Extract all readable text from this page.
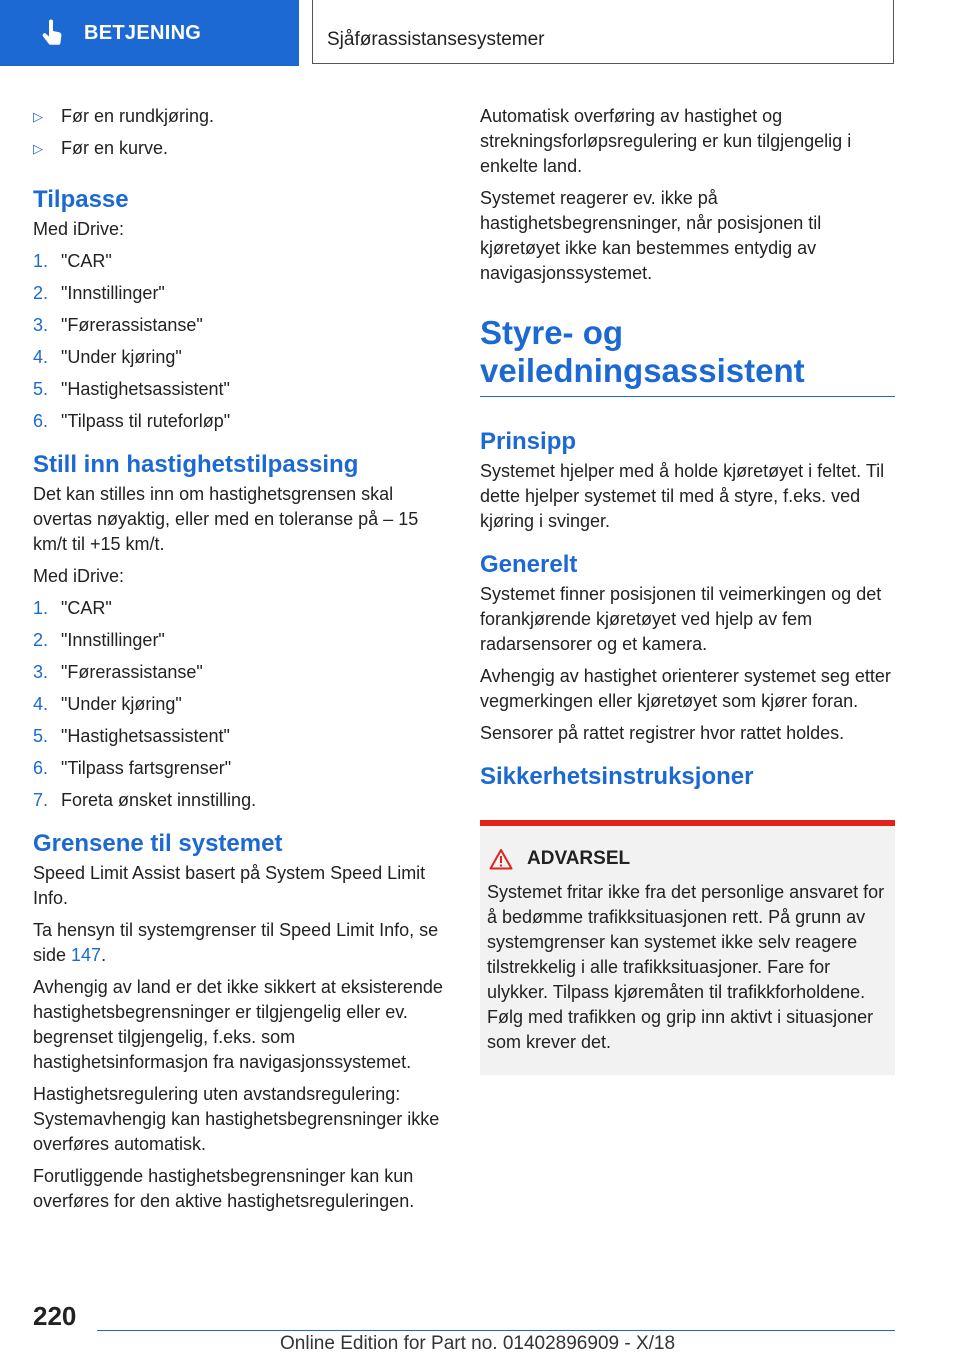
BETJENING	Sjåførassistansesystemer
▷	Før en rundkjøring.
▷	Før en kurve.
Tilpasse

Med iDrive:

1. "CAR"
2. "Innstillinger"
3. "Førerassistanse"
4. "Under kjøring"
5. "Hastighetsassistent"
6. "Tilpass til ruteforløp"
Still inn hastighetstilpassing

Det kan stilles inn om hastighetsgrensen skal overtas nøyaktig, eller med en toleranse på – 15 km/t til +15 km/t.

Med iDrive:

1. "CAR"
2. "Innstillinger"
3. "Førerassistanse"
4. "Under kjøring"
5. "Hastighetsassistent"
6. "Tilpass fartsgrenser"
7. Foreta ønsket innstilling.
Grensene til systemet

Speed Limit Assist basert på System Speed Limit Info.

Ta hensyn til systemgrenser til Speed Limit Info, se side 147.

Avhengig av land er det ikke sikkert at eksisterende hastighetsbegrensninger er tilgjengelig eller ev. begrenset tilgjengelig, f.eks. som hastighetsinformasjon fra navigasjonssystemet.

Hastighetsregulering uten avstandsregulering: Systemavhengig kan hastighetsbegrensninger ikke overføres automatisk.

Forutliggende hastighetsbegrensninger kan kun overføres for den aktive hastighetsreguleringen.

Automatisk overføring av hastighet og strekningsforløpsregulering er kun tilgjengelig i enkelte land.

Systemet reagerer ev. ikke på hastighetsbegrensninger, når posisjonen til kjøretøyet ikke kan bestemmes entydig av navigasjonssystemet.

Styre- og
veiledningsassistent
Prinsipp

Systemet hjelper med å holde kjøretøyet i feltet. Til dette hjelper systemet til med å styre, f.eks. ved kjøring i svinger.

Generelt

Systemet finner posisjonen til veimerkingen og det forankjørende kjøretøyet ved hjelp av fem radarsensorer og et kamera.

Avhengig av hastighet orienterer systemet seg etter vegmerkingen eller kjøretøyet som kjører foran.

Sensorer på rattet registrer hvor rattet holdes.

Sikkerhetsinstruksjoner
ADVARSEL

Systemet fritar ikke fra det personlige ansvaret for å bedømme trafikksituasjonen rett. På grunn av systemgrenser kan systemet ikke selv reagere tilstrekkelig i alle trafikksituasjoner. Fare for ulykker. Tilpass kjøremåten til trafikkforholdene. Følg med trafikken og grip inn aktivt i situasjoner som krever det.

220
Online Edition for Part no. 01402896909 - X/18
